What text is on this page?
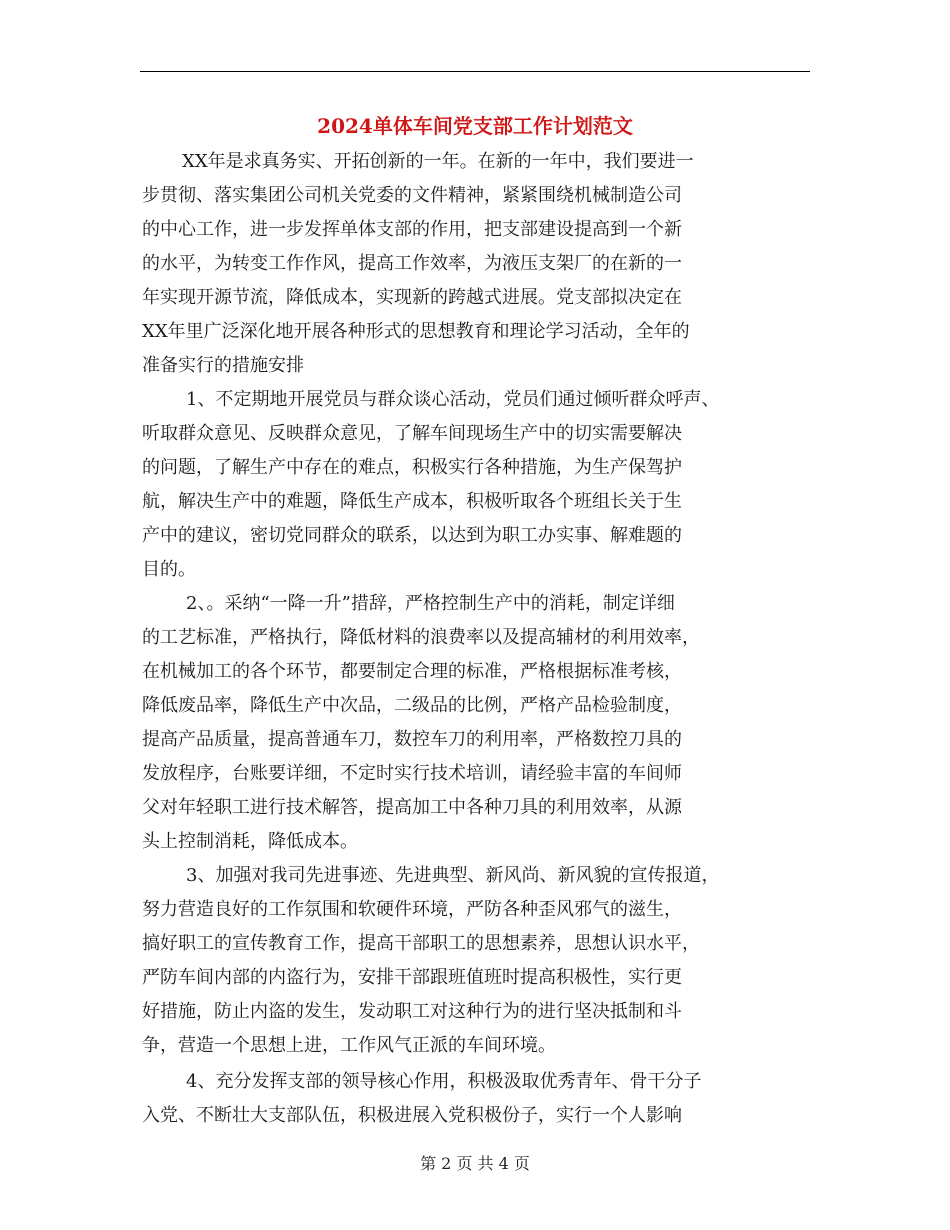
2024单体车间党支部工作计划范文
XX年是求真务实、开拓创新的一年。在新的一年中，我们要进一
步贯彻、落实集团公司机关党委的文件精神，紧紧围绕机械制造公司
的中心工作，进一步发挥单体支部的作用，把支部建设提高到一个新
的水平，为转变工作作风，提高工作效率，为液压支架厂的在新的一
年实现开源节流，降低成本，实现新的跨越式进展。党支部拟决定在
XX年里广泛深化地开展各种形式的思想教育和理论学习活动，全年的
准备实行的措施安排
1、不定期地开展党员与群众谈心活动，党员们通过倾听群众呼声、
听取群众意见、反映群众意见，了解车间现场生产中的切实需要解决
的问题，了解生产中存在的难点，积极实行各种措施，为生产保驾护
航，解决生产中的难题，降低生产成本，积极听取各个班组长关于生
产中的建议，密切党同群众的联系，以达到为职工办实事、解难题的
目的。
2、。采纳“一降一升”措辞，严格控制生产中的消耗，制定详细
的工艺标准，严格执行，降低材料的浪费率以及提高辅材的利用效率，
在机械加工的各个环节，都要制定合理的标准，严格根据标准考核，
降低废品率，降低生产中次品，二级品的比例，严格产品检验制度，
提高产品质量，提高普通车刀，数控车刀的利用率，严格数控刀具的
发放程序，台账要详细，不定时实行技术培训，请经验丰富的车间师
父对年轻职工进行技术解答，提高加工中各种刀具的利用效率，从源
头上控制消耗，降低成本。
3、加强对我司先进事迹、先进典型、新风尚、新风貌的宣传报道，
努力营造良好的工作氛围和软硬件环境，严防各种歪风邪气的滋生，
搞好职工的宣传教育工作，提高干部职工的思想素养，思想认识水平，
严防车间内部的内盗行为，安排干部跟班值班时提高积极性，实行更
好措施，防止内盗的发生，发动职工对这种行为的进行坚决抵制和斗
争，营造一个思想上进，工作风气正派的车间环境。
4、充分发挥支部的领导核心作用，积极汲取优秀青年、骨干分子
入党、不断壮大支部队伍，积极进展入党积极份子，实行一个人影响
第 2 页 共 4 页
